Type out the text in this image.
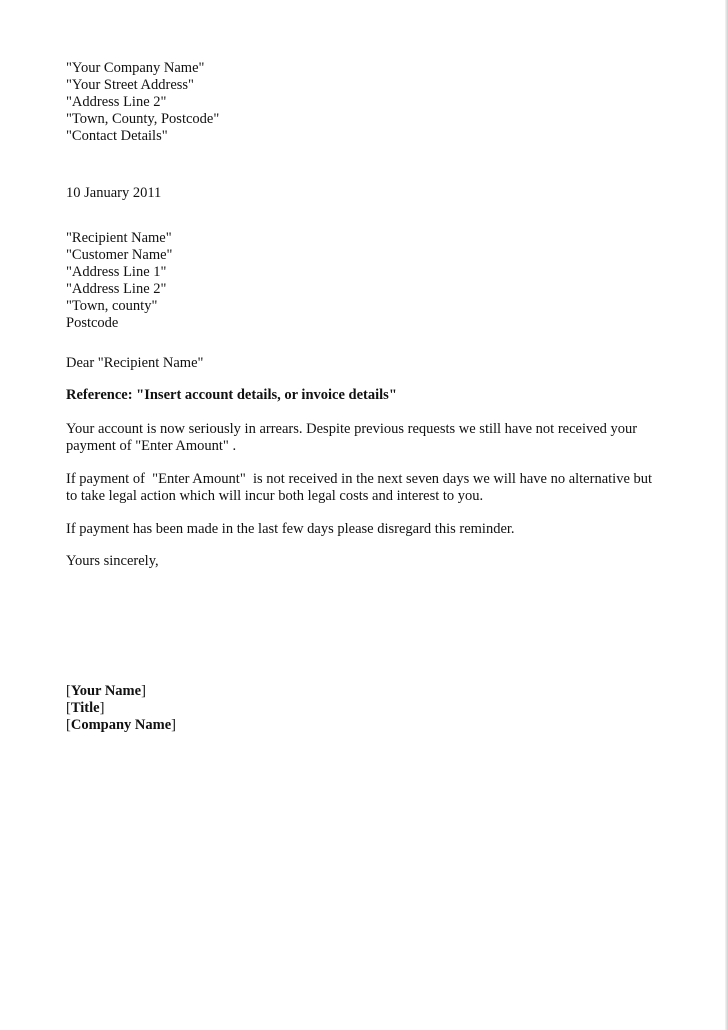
"Your Company Name"
"Your Street Address"
"Address Line 2"
"Town, County, Postcode"
"Contact Details"
10 January 2011
"Recipient Name"
"Customer Name"
"Address Line 1"
"Address Line 2"
"Town, county"
Postcode
Dear "Recipient Name"
Reference: "Insert account details, or invoice details"
Your account is now seriously in arrears. Despite previous requests we still have not received your
payment of "Enter Amount" .
If payment of  "Enter Amount"  is not received in the next seven days we will have no alternative but
to take legal action which will incur both legal costs and interest to you.
If payment has been made in the last few days please disregard this reminder.
Yours sincerely,
[Your Name]
[Title]
[Company Name]
